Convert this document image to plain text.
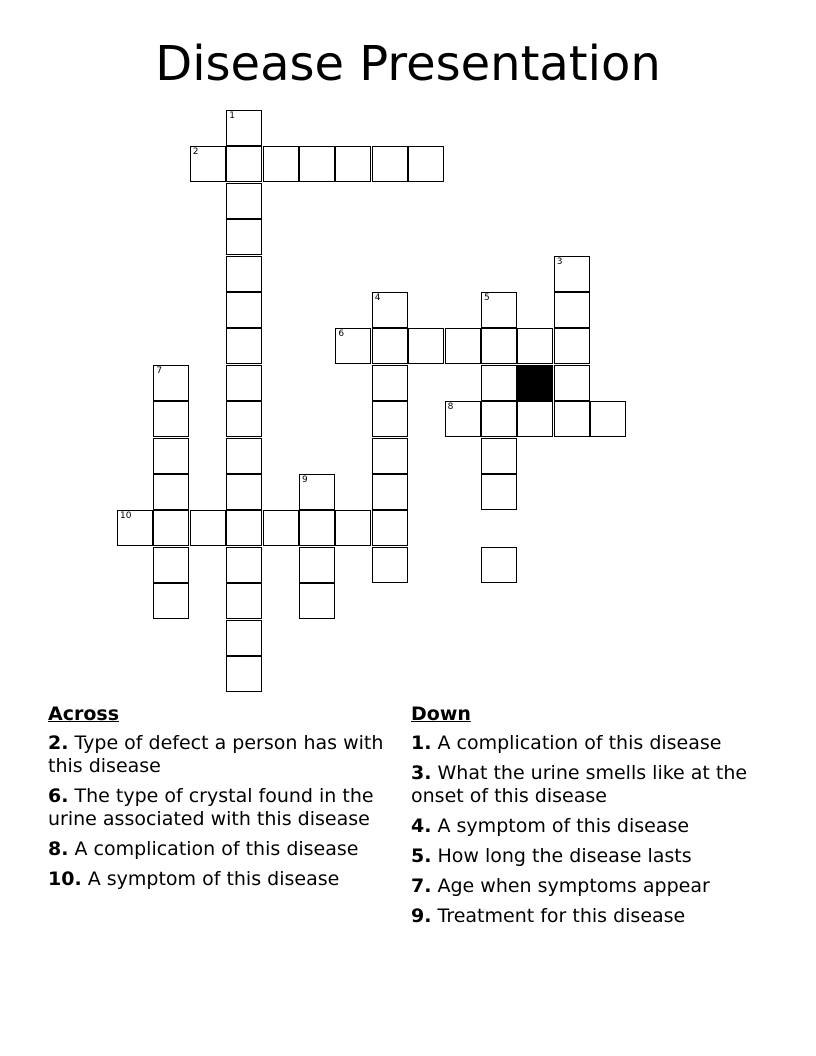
Disease Presentation
1
2
3
4	5
6
7
8
9
10
Across
2. Type of defect a person has with this disease
6. The type of crystal found in the urine associated with this disease
8. A complication of this disease
10. A symptom of this disease
Down
1. A complication of this disease
3. What the urine smells like at the onset of this disease
4. A symptom of this disease
5. How long the disease lasts
7. Age when symptoms appear
9. Treatment for this disease
